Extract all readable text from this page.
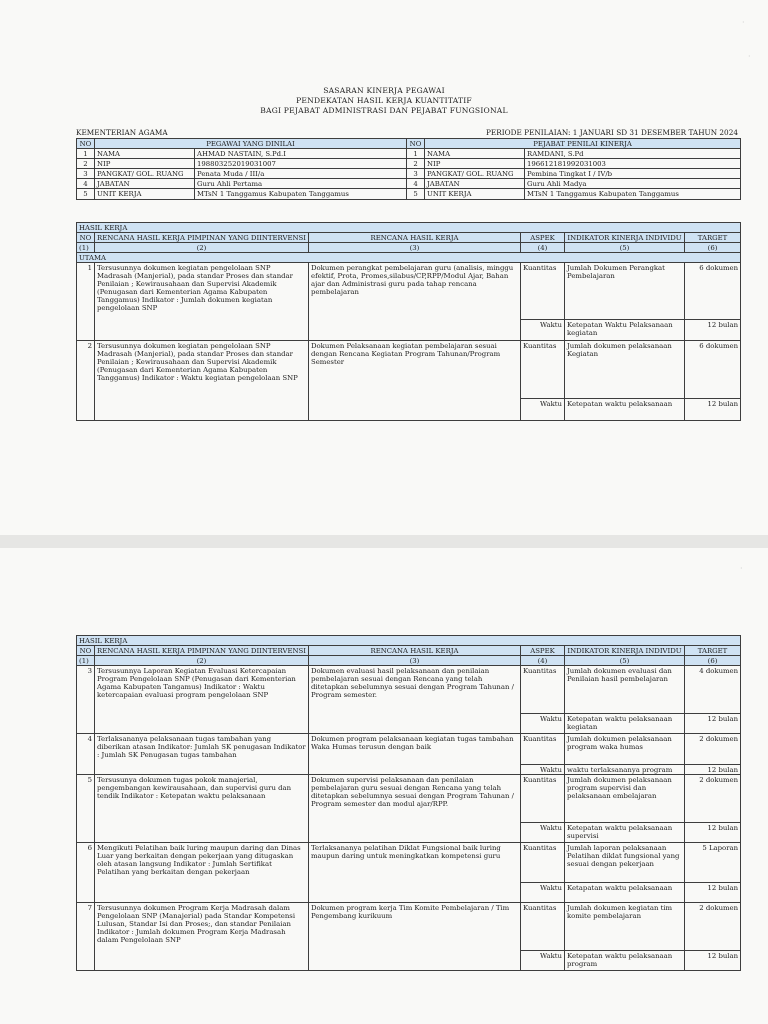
SASARAN KINERJA PEGAWAI
PENDEKATAN HASIL KERJA KUANTITATIF
BAGI PEJABAT ADMINISTRASI DAN PEJABAT FUNGSIONAL
KEMENTERIAN AGAMA	PERIODE PENILAIAN: 1 JANUARI SD 31 DESEMBER TAHUN 2024
NO	PEGAWAI YANG DINILAI		NO	PEJABAT PENILAI KINERJA	
1	NAMA	AHMAD NASTAIN, S.Pd.I	1	NAMA	RAMDANI, S.Pd
2	NIP	198803252019031007	2	NIP	196612181992031003
3	PANGKAT/ GOL. RUANG	Penata Muda / III/a	3	PANGKAT/ GOL. RUANG	Pembina Tingkat I / IV/b
4	JABATAN	Guru Ahli Pertama	4	JABATAN	Guru Ahli Madya
5	UNIT KERJA	MTsN 1 Tanggamus Kabupaten Tanggamus	5	UNIT KERJA	MTsN 1 Tanggamus Kabupaten Tanggamus
HASIL KERJA					
NO	RENCANA HASIL KERJA PIMPINAN YANG DIINTERVENSI	RENCANA HASIL KERJA	ASPEK	INDIKATOR KINERJA INDIVIDU	TARGET
(1)	(2)	(3)	(4)	(5)	(6)
UTAMA					
1	Tersusunnya dokumen kegiatan pengelolaan SNP Madrasah (Manjerial), pada standar Proses dan standar Penilaian ; Kewirausahaan dan Supervisi Akademik (Penugasan dari Kementerian Agama Kabupaten Tanggamus) Indikator : Jumlah dokumen kegiatan pengelolaan SNP	Dokumen perangkat pembelajaran guru (analisis, minggu efektif, Prota, Promes,silabus/CP,RPP/Modul Ajar, Bahan ajar dan Administrasi guru pada tahap rencana pembelajaran	Kuantitas	Jumlah Dokumen Perangkat Pembelajaran	6 dokumen
			Waktu	Ketepatan Waktu Pelaksanaan kegiatan	12 bulan
2	Tersusunnya dokumen kegiatan pengelolaan SNP Madrasah (Manjerial), pada standar Proses dan standar Penilaian ; Kewirausahaan dan Supervisi Akademik (Penugasan dari Kementerian Agama Kabupaten Tanggamus) Indikator : Waktu kegiatan pengelolaan SNP	Dokumen Pelaksanaan kegiatan pembelajaran sesuai dengan Rencana Kegiatan Program Tahunan/Program Semester	Kuantitas	Jumlah dokumen pelaksanaan Kegiatan	6 dokumen
			Waktu	Ketepatan waktu pelaksanaan	12 bulan
·
·
·
HASIL KERJA					
NO	RENCANA HASIL KERJA PIMPINAN YANG DIINTERVENSI	RENCANA HASIL KERJA	ASPEK	INDIKATOR KINERJA INDIVIDU	TARGET
(1)	(2)	(3)	(4)	(5)	(6)
3	Tersusunnya Laporan Kegiatan Evaluasi Ketercapaian Program Pengelolaan SNP (Penugasan dari Kementerian Agama Kabupaten Tangamus) Indikator : Waktu ketercapaian evaluasi program pengelolaan SNP	Dokumen evaluasi hasil pelaksanaan dan penilaian pembelajaran sesuai dengan Rencana yang telah ditetapkan sebelumnya sesuai dengan Program Tahunan / Program semester.	Kuantitas	Jumlah dokumen evaluasi dan Penilaian hasil pembelajaran	4 dokumen
			Waktu	Ketepatan waktu pelaksanaan kegiatan	12 bulan
4	Terlaksananya pelaksanaan tugas tambahan yang diberikan atasan Indikator: Jumlah SK penugasan Indikator : Jumlah SK Penugasan tugas tambahan	Dokumen program pelaksanaan kegiatan tugas tambahan Waka Humas terusun dengan baik	Kuantitas	Jumlah dokumen pelaksanaan program waka humas	2 dokumen
			Waktu	waktu terlaksananya program	12 bulan
5	Tersusunya dokumen tugas pokok manajerial, pengembangan kewirausahaan, dan supervisi guru dan tendik Indikator : Ketepatan waktu pelaksanaan	Dokumen supervisi pelaksanaan dan penilaian pembelajaran guru sesuai dengan Rencana yang telah ditetapkan sebelumnya sesuai dengan Program Tahunan / Program semester dan modul ajar/RPP.	Kuantitas	Jumlah dokumen pelaksanaan program supervisi dan pelaksanaan embelajaran	2 dokumen
			Waktu	Ketepatan waktu pelaksanaan supervisi	12 bulan
6	Mengikuti Pelatihan baik luring maupun daring dan Dinas Luar yang berkaitan dengan pekerjaan yang ditugaskan oleh atasan langsung Indikator : Jumlah Sertifikat Pelatihan yang berkaitan dengan pekerjaan	Terlaksananya pelatihan Diklat Fungsional baik luring maupun daring untuk meningkatkan kompetensi guru	Kuantitas	Jumlah laporan pelaksanaan Pelatihan diklat fungsional yang sesuai dengan pekerjaan	5 Laporan
			Waktu	Ketapatan waktu pelaksanaan	12 bulan
7	Tersusunnya dokumen Program Kerja Madrasah dalam Pengelolaan SNP (Manajerial) pada Standar Kompetensi Lulusan, Standar Isi dan Proses;, dan standar Penilaian Indikator : Jumlah dokumen Program Kerja Madrasah dalam Pengelolaan SNP	Dokumen program kerja Tim Komite Pembelajaran / Tim Pengembang kurikuum	Kuantitas	Jumlah dokumen kegiatan tim komite pembelajaran	2 dokumen
			Waktu	Ketepatan waktu pelaksanaan program	12 bulan
